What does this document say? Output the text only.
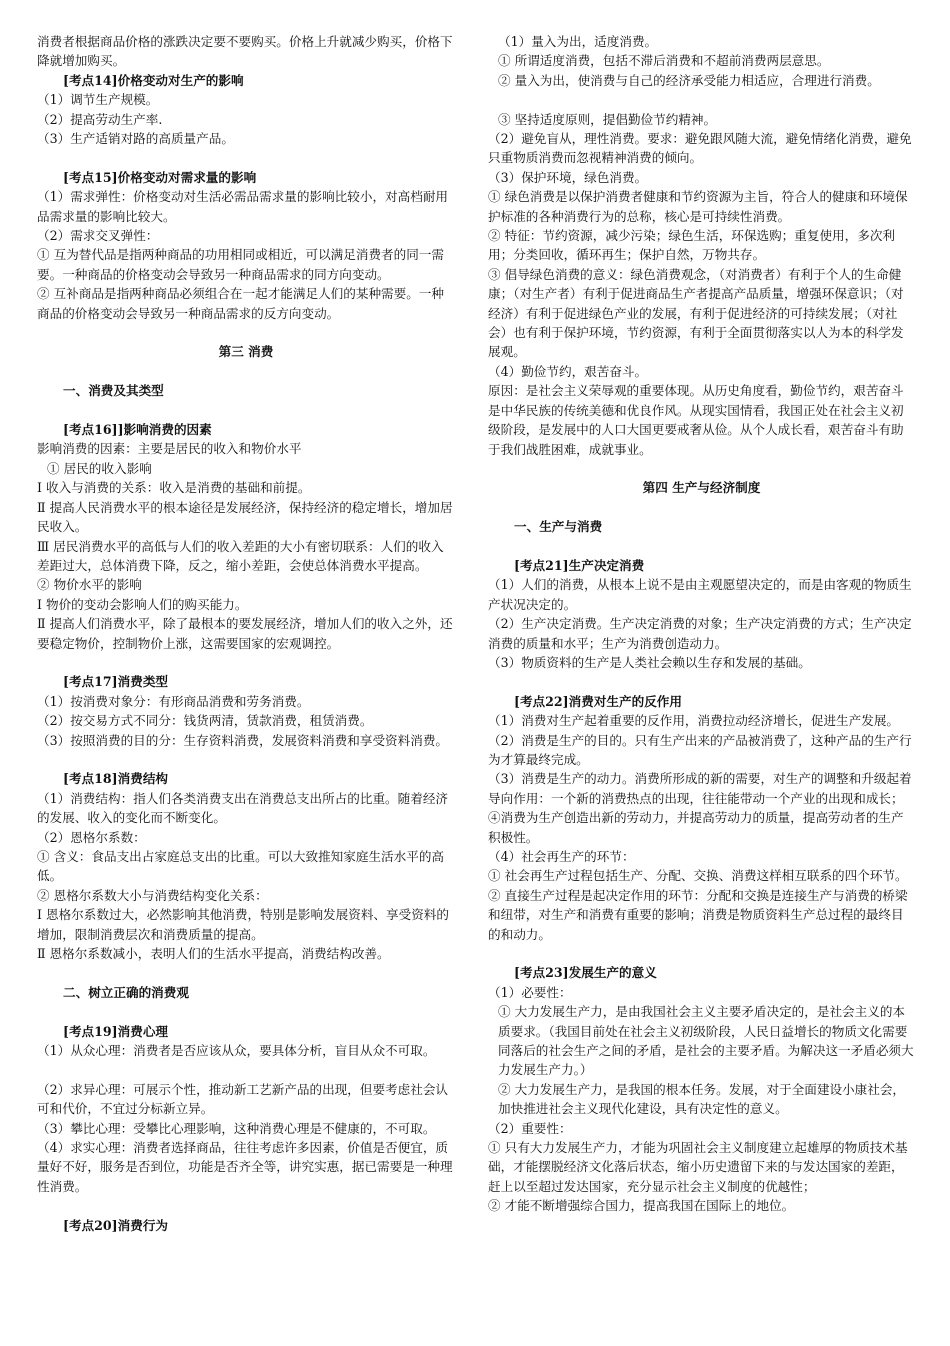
消费者根据商品价格的涨跌决定要不要购买。价格上升就减少购买，价格下降就增加购买。
[考点14]价格变动对生产的影响
（1）调节生产规模。
（2）提高劳动生产率.
（3）生产适销对路的高质量产品。
[考点15]价格变动对需求量的影响
（1）需求弹性：价格变动对生活必需品需求量的影响比较小，对高档耐用品需求量的影响比较大。
（2）需求交叉弹性：
① 互为替代品是指两种商品的功用相同或相近，可以满足消费者的同一需要。一种商品的价格变动会导致另一种商品需求的同方向变动。
② 互补商品是指两种商品必须组合在一起才能满足人们的某种需要。一种商品的价格变动会导致另一种商品需求的反方向变动。
第三 消费
一、消费及其类型
[考点16]]影响消费的因素
影响消费的因素：主要是居民的收入和物价水平
① 居民的收入影响
Ⅰ 收入与消费的关系：收入是消费的基础和前提。
Ⅱ 提高人民消费水平的根本途径是发展经济，保持经济的稳定增长，增加居民收入。
Ⅲ 居民消费水平的高低与人们的收入差距的大小有密切联系：人们的收入差距过大，总体消费下降，反之，缩小差距，会使总体消费水平提高。
② 物价水平的影响
Ⅰ 物价的变动会影响人们的购买能力。
Ⅱ 提高人们消费水平，除了最根本的要发展经济，增加人们的收入之外，还要稳定物价，控制物价上涨，这需要国家的宏观调控。
[考点17]消费类型
（1）按消费对象分：有形商品消费和劳务消费。
（2）按交易方式不同分：钱货两清，赁款消费，租赁消费。
（3）按照消费的目的分：生存资料消费，发展资料消费和享受资料消费。
[考点18]消费结构
（1）消费结构：指人们各类消费支出在消费总支出所占的比重。随着经济的发展、收入的变化而不断变化。
（2）恩格尔系数：
① 含义：食品支出占家庭总支出的比重。可以大致推知家庭生活水平的高低。
② 恩格尔系数大小与消费结构变化关系：
Ⅰ 恩格尔系数过大，必然影响其他消费，特别是影响发展资料、享受资料的增加，限制消费层次和消费质量的提高。
Ⅱ 恩格尔系数减小，表明人们的生活水平提高，消费结构改善。
二、树立正确的消费观
[考点19]消费心理
（1）从众心理：消费者是否应该从众，要具体分析，盲目从众不可取。
（2）求异心理：可展示个性，推动新工艺新产品的出现，但要考虑社会认可和代价，不宜过分标新立异。
（3）攀比心理：受攀比心理影响，这种消费心理是不健康的，不可取。
（4）求实心理：消费者选择商品，往往考虑许多因素，价值是否便宜，质量好不好，服务是否到位，功能是否齐全等，讲究实惠，据已需要是一种理性消费。
[考点20]消费行为
（1）量入为出，适度消费。
① 所谓适度消费，包括不滞后消费和不超前消费两层意思。
② 量入为出，使消费与自己的经济承受能力相适应，合理进行消费。
③ 坚持适度原则，提倡勤俭节约精神。
（2）避免盲从，理性消费。要求：避免跟风随大流，避免情绪化消费，避免只重物质消费而忽视精神消费的倾向。
（3）保护环境，绿色消费。
① 绿色消费是以保护消费者健康和节约资源为主旨，符合人的健康和环境保护标准的各种消费行为的总称，核心是可持续性消费。
② 特征：节约资源，减少污染；绿色生活，环保选购；重复使用，多次利用；分类回收，循环再生；保护自然，万物共存。
③ 倡导绿色消费的意义：绿色消费观念，（对消费者）有利于个人的生命健康；（对生产者）有利于促进商品生产者提高产品质量，增强环保意识；（对经济）有利于促进绿色产业的发展，有利于促进经济的可持续发展；（对社会）也有利于保护环境，节约资源，有利于全面贯彻落实以人为本的科学发展观。
（4）勤俭节约，艰苦奋斗。
原因：是社会主义荣辱观的重要体现。从历史角度看，勤俭节约，艰苦奋斗是中华民族的传统美德和优良作风。从现实国情看，我国正处在社会主义初级阶段，是发展中的人口大国更要戒奢从俭。从个人成长看，艰苦奋斗有助于我们战胜困难，成就事业。
第四 生产与经济制度
一、生产与消费
[考点21]生产决定消费
（1）人们的消费，从根本上说不是由主观愿望决定的，而是由客观的物质生产状况决定的。
（2）生产决定消费。生产决定消费的对象；生产决定消费的方式；生产决定消费的质量和水平；生产为消费创造动力。
（3）物质资料的生产是人类社会赖以生存和发展的基础。
[考点22]消费对生产的反作用
（1）消费对生产起着重要的反作用，消费拉动经济增长，促进生产发展。
（2）消费是生产的目的。只有生产出来的产品被消费了，这种产品的生产行为才算最终完成。
（3）消费是生产的动力。消费所形成的新的需要，对生产的调整和升级起着导向作用：一个新的消费热点的出现，往往能带动一个产业的出现和成长；④消费为生产创造出新的劳动力，并提高劳动力的质量，提高劳动者的生产积极性。
（4）社会再生产的环节：
① 社会再生产过程包括生产、分配、交换、消费这样相互联系的四个环节。
② 直接生产过程是起决定作用的环节：分配和交换是连接生产与消费的桥梁和纽带，对生产和消费有重要的影响；消费是物质资料生产总过程的最终目的和动力。
[考点23]发展生产的意义
（1）必要性：
① 大力发展生产力，是由我国社会主义主要矛盾决定的，是社会主义的本质要求。（我国目前处在社会主义初级阶段，人民日益增长的物质文化需要同落后的社会生产之间的矛盾，是社会的主要矛盾。为解决这一矛盾必须大力发展生产力。）
② 大力发展生产力，是我国的根本任务。发展，对于全面建设小康社会，加快推进社会主义现代化建设，具有决定性的意义。
（2）重要性：
① 只有大力发展生产力，才能为巩固社会主义制度建立起雄厚的物质技术基础，才能摆脱经济文化落后状态，缩小历史遗留下来的与发达国家的差距，赶上以至超过发达国家，充分显示社会主义制度的优越性；
② 才能不断增强综合国力，提高我国在国际上的地位。
